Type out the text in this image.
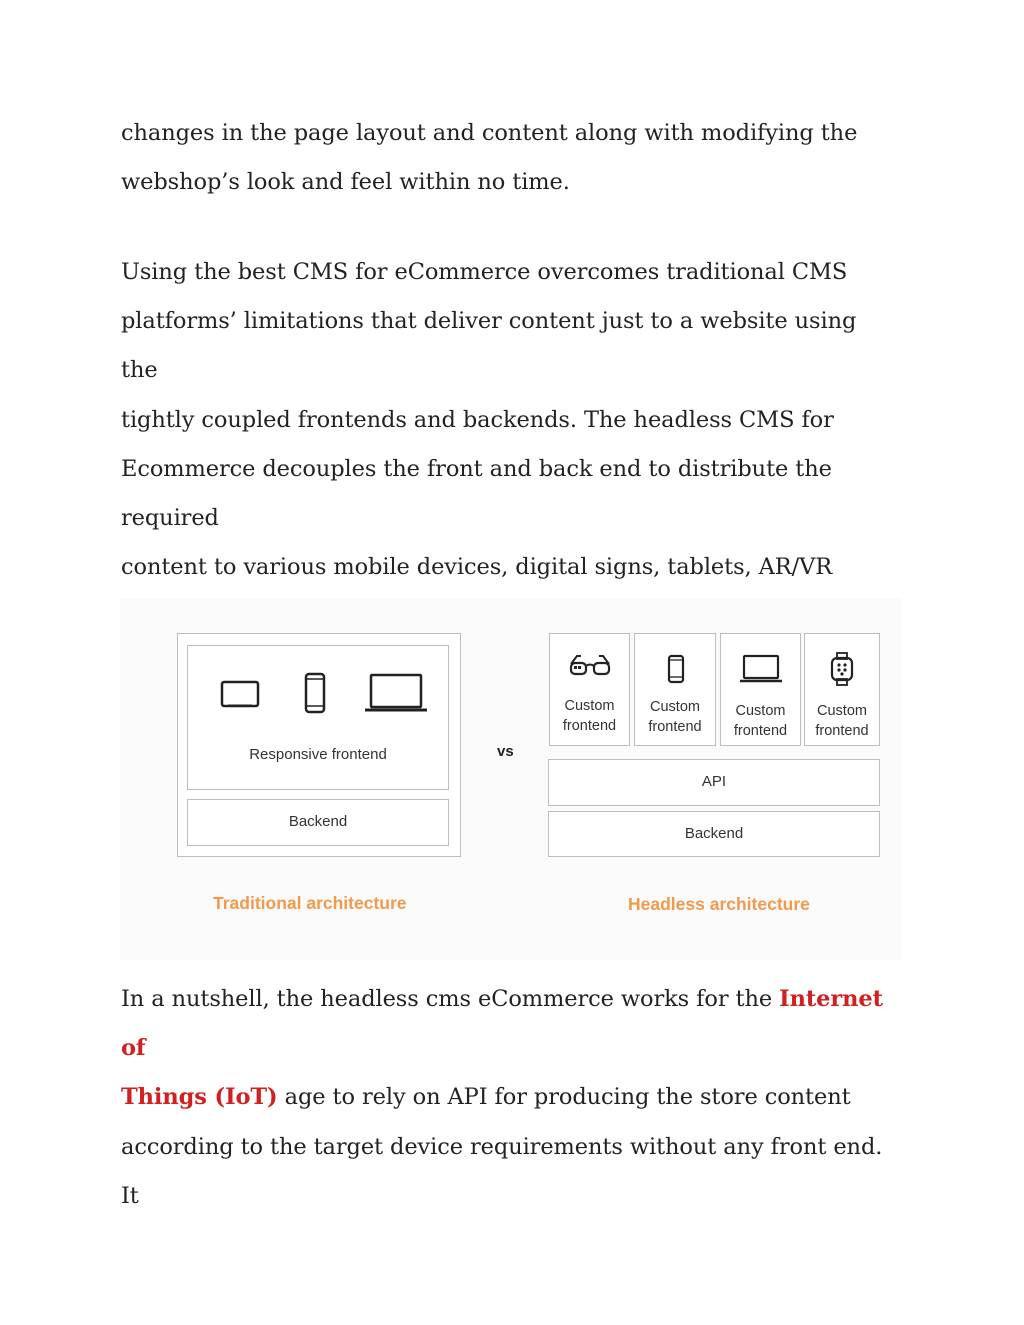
changes in the page layout and content along with modifying the
webshop’s look and feel within no time.
Using the best CMS for eCommerce overcomes traditional CMS
platforms’ limitations that deliver content just to a website using the
tightly coupled frontends and backends. The headless CMS for
Ecommerce decouples the front and back end to distribute the required
content to various mobile devices, digital signs, tablets, AR/VR
Responsive frontend
Backend
Traditional architecture
vs
Custom
frontend
Custom
frontend
Custom
frontend
Custom
frontend
API
Backend
Headless architecture
In a nutshell, the headless cms eCommerce works for the Internet of
Things (IoT) age to rely on API for producing the store content
according to the target device requirements without any front end. It
